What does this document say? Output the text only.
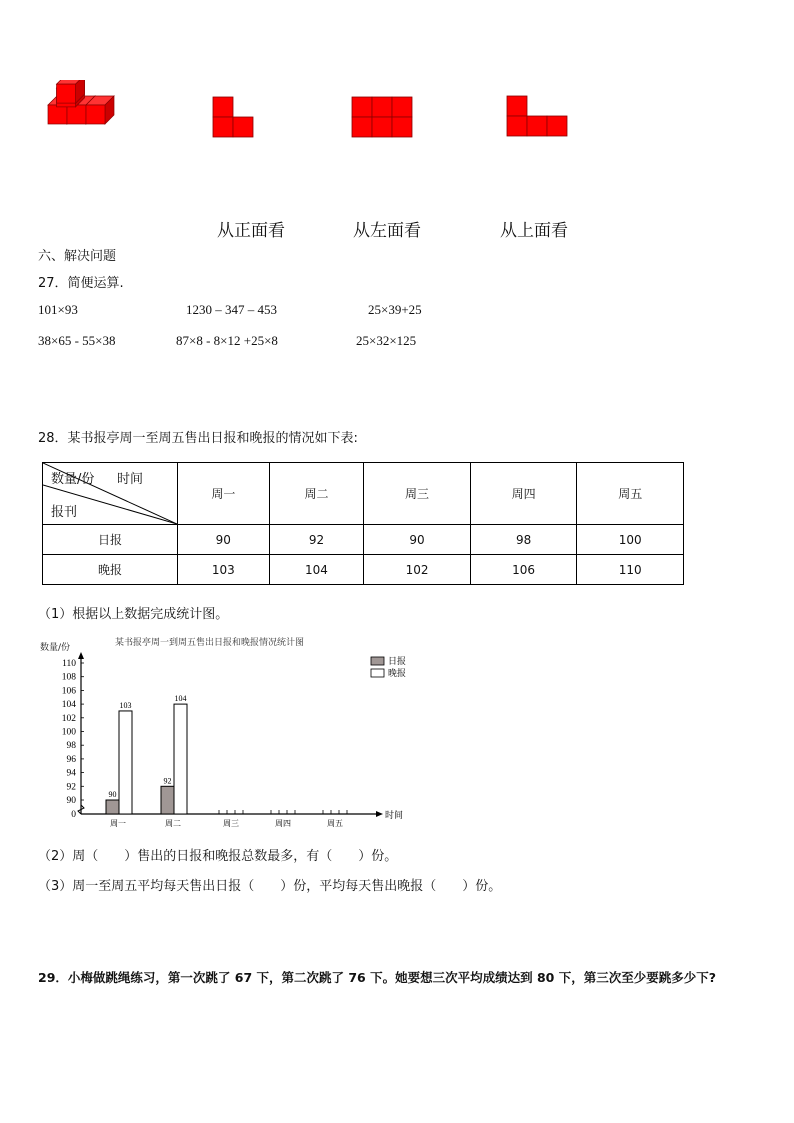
从正面看	从左面看	从上面看
六、解决问题
27．简便运算.
101×93	1230 – 347 – 453	25×39+25
38×65 - 55×38	87×8 - 8×12 +25×8	25×32×125
28．某书报亭周一至周五售出日报和晚报的情况如下表:
数量/份 时间
报刊	周一	周二	周三	周四	周五
日报	90	92	90	98	100
晚报	103	104	102	106	110
（1）根据以上数据完成统计图。
数量/份	某书报亭周一到周五售出日报和晚报情况统计图
时间
0
90
92
94
96
98
100
102
104
106
108
110
周一	周二	周三	周四	周五
90
92
103
104
日报
晚报
（2）周（　　）售出的日报和晚报总数最多，有（　　）份。
（3）周一至周五平均每天售出日报（　　）份，平均每天售出晚报（　　）份。
29．小梅做跳绳练习，第一次跳了 67 下，第二次跳了 76 下。她要想三次平均成绩达到 80 下，第三次至少要跳多少下?
